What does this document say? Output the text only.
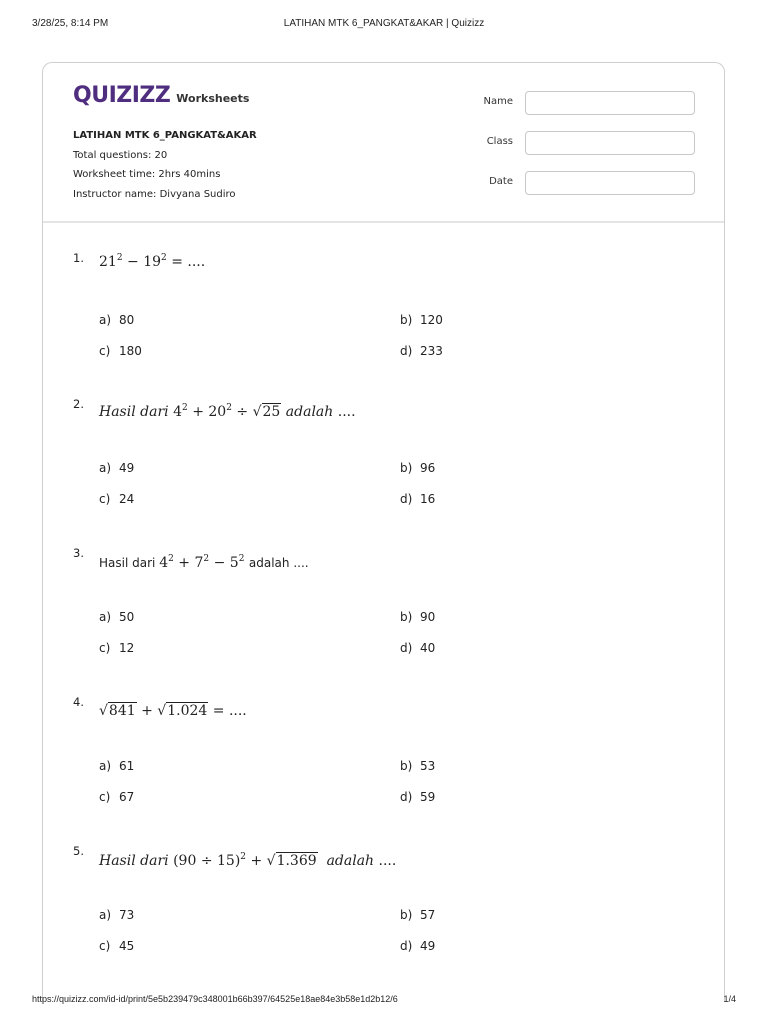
3/28/25, 8:14 PM	LATIHAN MTK 6_PANGKAT&AKAR | Quizizz
QUIZIZZ Worksheets
LATIHAN MTK 6_PANGKAT&AKAR
Total questions: 20
Worksheet time: 2hrs 40mins
Instructor name: Divyana Sudiro
Name
Class
Date
1. $21^2 - 19^2$ = ....
a) 80	b) 120
c) 180	d) 233
2. Hasil dari $4^2 + 20^2 \div √25$ adalah ....
a) 49	b) 96
c) 24	d) 16
3.
Hasil dari $4^2 + 7^2 - 5^2$ adalah ....
a) 50	b) 90
c) 12	d) 40
4.
√841 + √1.024 = ....
a) 61	b) 53
c) 67	d) 59
5.
Hasil dari $(90 \div 15)^2 + √1.369$ adalah ....
a) 73	b) 57
c) 45	d) 49
https://quizizz.com/id-id/print/5e5b239479c348001b66b397/64525e18ae84e3b58e1d2b12/6	1/4
